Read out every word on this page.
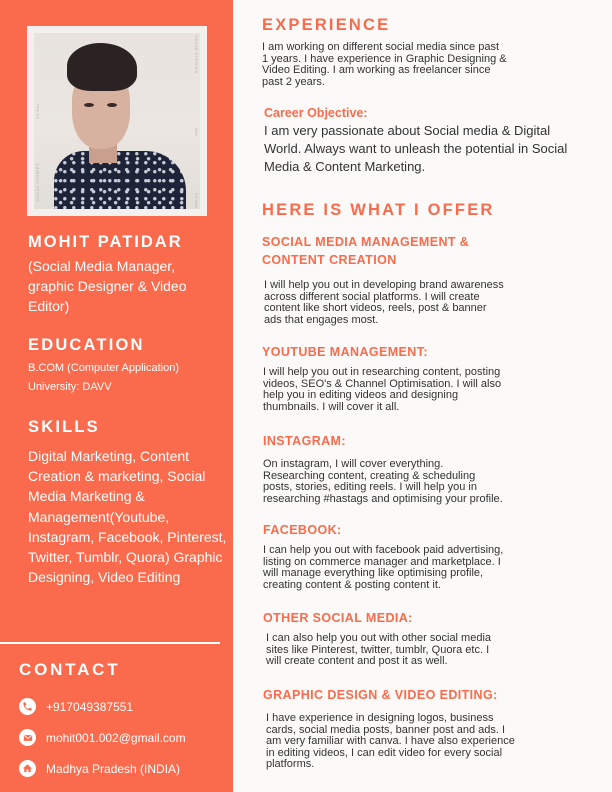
CANVA STORIES
23 Dec
CANVA STORIES
Dec
23 Dec
MOHIT PATIDAR
(Social Media Manager, graphic Designer & Video Editor)
EDUCATION
B.COM (Computer Application)
University: DAVV
SKILLS
Digital Marketing, Content Creation & marketing, Social Media Marketing & Management(Youtube, Instagram, Facebook, Pinterest, Twitter, Tumblr, Quora) Graphic Designing, Video Editing
CONTACT
+917049387551
mohit001.002@gmail.com
Madhya Pradesh (INDIA)
EXPERIENCE
I am working on different social media since past
1 years. I have experience in Graphic Designing &
Video Editing. I am working as freelancer since
past 2 years.
Career Objective:
I am very passionate about Social media & Digital World. Always want to unleash the potential in Social Media & Content Marketing.
HERE IS WHAT I OFFER
SOCIAL MEDIA MANAGEMENT & CONTENT CREATION
I will help you out in developing brand awareness
across different social platforms. I will create
content like short videos, reels, post & banner
ads that engages most.
YOUTUBE MANAGEMENT:
I will help you out in researching content, posting
videos, SEO's & Channel Optimisation. I will also
help you in editing videos and designing
thumbnails. I will cover it all.
INSTAGRAM:
On instagram, I will cover everything.
Researching content, creating & scheduling
posts, stories, editing reels. I will help you in
researching #hastags and optimising your profile.
FACEBOOK:
I can help you out with facebook paid advertising,
listing on commerce manager and marketplace. I
will manage everything like optimising profile,
creating content & posting content it.
OTHER SOCIAL MEDIA:
I can also help you out with other social media
sites like Pinterest, twitter, tumblr, Quora etc. I
will create content and post it as well.
GRAPHIC DESIGN & VIDEO EDITING:
I have experience in designing logos, business
cards, social media posts, banner post and ads. I
am very familiar with canva. I have also experience
in editing videos, I can edit video for every social
platforms.
